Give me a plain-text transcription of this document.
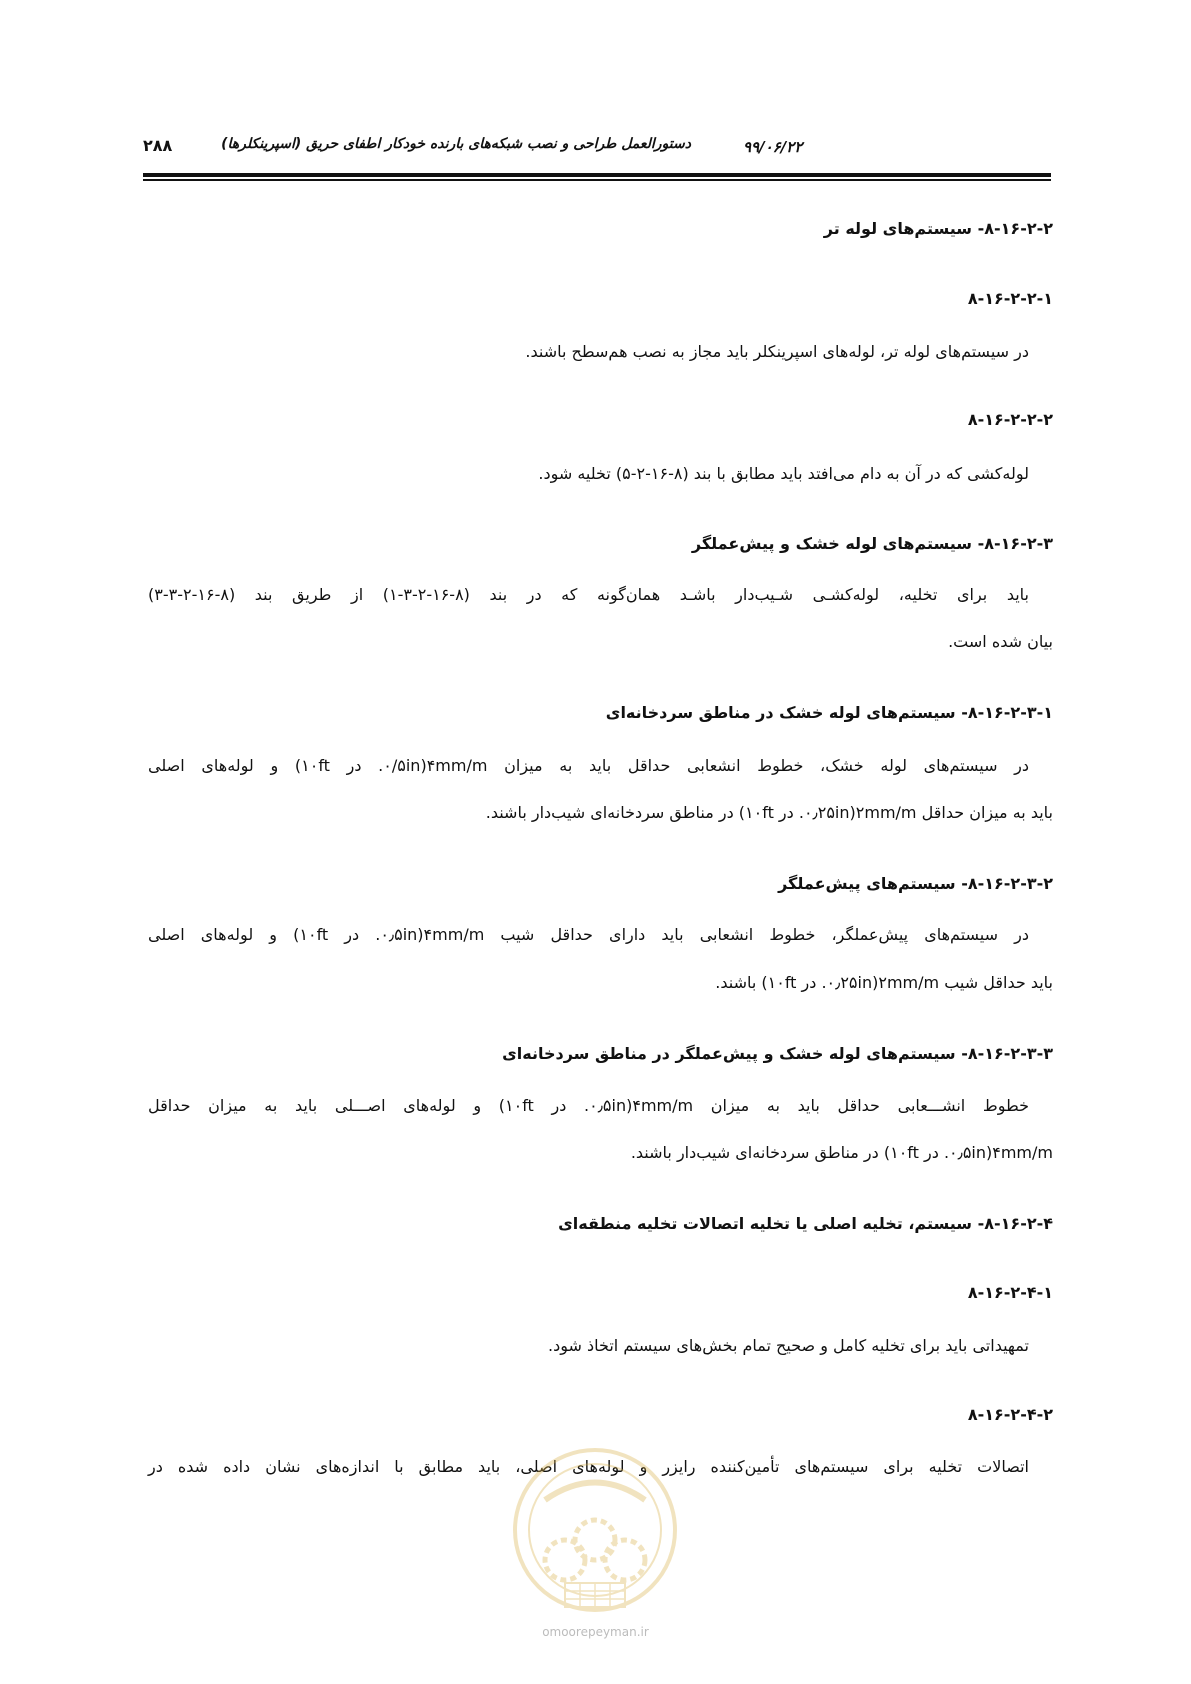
۲۸۸	۹۹/۰۶/۲۲
دستورالعمل طراحی و نصب شبکه‌های بارنده خودکار اطفای حریق (اسپرینکلرها)
۸-۱۶-۲-۲- سیستم‌های لوله تر
۸-۱۶-۲-۲-۱
در سیستم‌های لوله تر، لوله‌های اسپرینکلر باید مجاز به نصب هم‌سطح باشند.
۸-۱۶-۲-۲-۲
لوله‌کشی که در آن به دام می‌افتد باید مطابق با بند (۸-۱۶-۲-۵) تخلیه شود.
۸-۱۶-۲-۳- سیستم‌های لوله خشک و پیش‌عملگر
باید برای تخلیه، لوله‌کشـی شـیب‌دار باشـد همان‌گونه که در بند (۸-۱۶-۲-۳-۱) از طریق بند (۸-۱۶-۲-۳-۳)
بیان شده است.
۸-۱۶-۲-۳-۱- سیستم‌های لوله خشک در مناطق سردخانه‌ای
در سیستم‌های لوله خشک، خطوط انشعابی حداقل باید به میزان ۴mm/m(۰/۵in. در ۱۰ft) و لوله‌های اصلی
باید به میزان حداقل ۲mm/m(۰٫۲۵in. در ۱۰ft) در مناطق سردخانه‌ای شیب‌دار باشند.
۸-۱۶-۲-۳-۲- سیستم‌های پیش‌عملگر
در سیستم‌های پیش‌عملگر، خطوط انشعابی باید دارای حداقل شیب ۴mm/m(۰٫۵in. در ۱۰ft) و لوله‌های اصلی
باید حداقل شیب ۲mm/m(۰٫۲۵in. در ۱۰ft) باشند.
۸-۱۶-۲-۳-۳- سیستم‌های لوله خشک و پیش‌عملگر در مناطق سردخانه‌ای
خطوط انشـــعابی حداقل باید به میزان ۴mm/m(۰٫۵in. در ۱۰ft) و لوله‌های اصـــلی باید به میزان حداقل
۴mm/m(۰٫۵in. در ۱۰ft) در مناطق سردخانه‌ای شیب‌دار باشند.
۸-۱۶-۲-۴- سیستم، تخلیه اصلی یا تخلیه اتصالات تخلیه منطقه‌ای
۸-۱۶-۲-۴-۱
تمهیداتی باید برای تخلیه کامل و صحیح تمام بخش‌های سیستم اتخاذ شود.
۸-۱۶-۲-۴-۲
اتصالات تخلیه برای سیستم‌های تأمین‌کننده رایزر و لوله‌های اصلی، باید مطابق با اندازه‌های نشان داده شده در
omoorepeyman.ir
